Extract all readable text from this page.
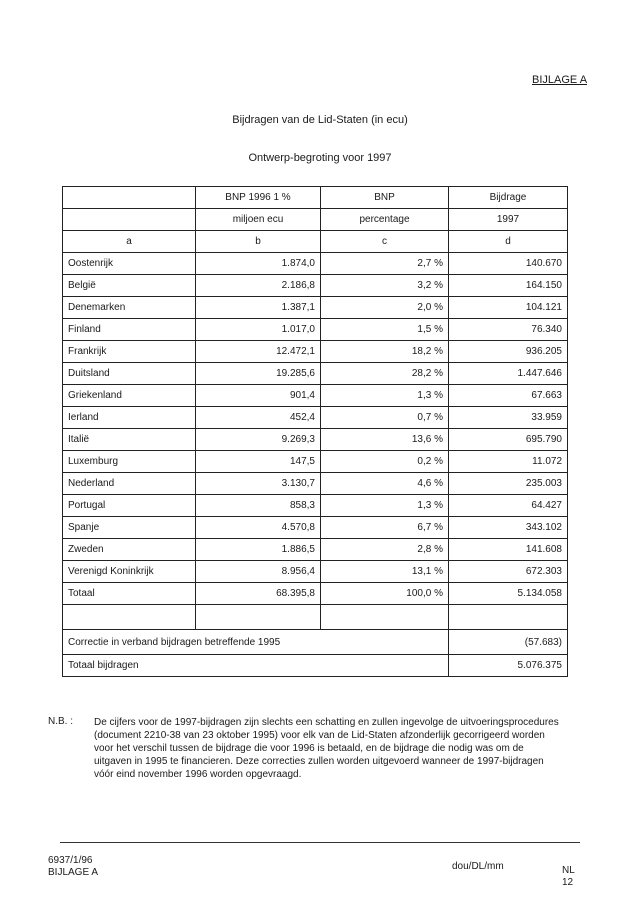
BIJLAGE A
Bijdragen van de Lid-Staten (in ecu)
Ontwerp-begroting voor 1997
	BNP 1996 1 %	BNP	Bijdrage
	miljoen ecu	percentage	1997
a	b	c	d
Oostenrijk	1.874,0	2,7 %	140.670
België	2.186,8	3,2 %	164.150
Denemarken	1.387,1	2,0 %	104.121
Finland	1.017,0	1,5 %	76.340
Frankrijk	12.472,1	18,2 %	936.205
Duitsland	19.285,6	28,2 %	1.447.646
Griekenland	901,4	1,3 %	67.663
Ierland	452,4	0,7 %	33.959
Italië	9.269,3	13,6 %	695.790
Luxemburg	147,5	0,2 %	11.072
Nederland	3.130,7	4,6 %	235.003
Portugal	858,3	1,3 %	64.427
Spanje	4.570,8	6,7 %	343.102
Zweden	1.886,5	2,8 %	141.608
Verenigd Koninkrijk	8.956,4	13,1 %	672.303
Totaal	68.395,8	100,0 %	5.134.058

Correctie in verband bijdragen betreffende 1995			(57.683)
Totaal bijdragen			5.076.375
N.B. : De cijfers voor de 1997-bijdragen zijn slechts een schatting en zullen ingevolge de uitvoeringsprocedures (document 2210-38 van 23 oktober 1995) voor elk van de Lid-Staten afzonderlijk gecorrigeerd worden voor het verschil tussen de bijdrage die voor 1996 is betaald, en de bijdrage die nodig was om de uitgaven in 1995 te financieren. Deze correcties zullen worden uitgevoerd wanneer de 1997-bijdragen vóór eind november 1996 worden opgevraagd.
6937/1/96
BIJLAGE A
dou/DL/mm	NL
12
